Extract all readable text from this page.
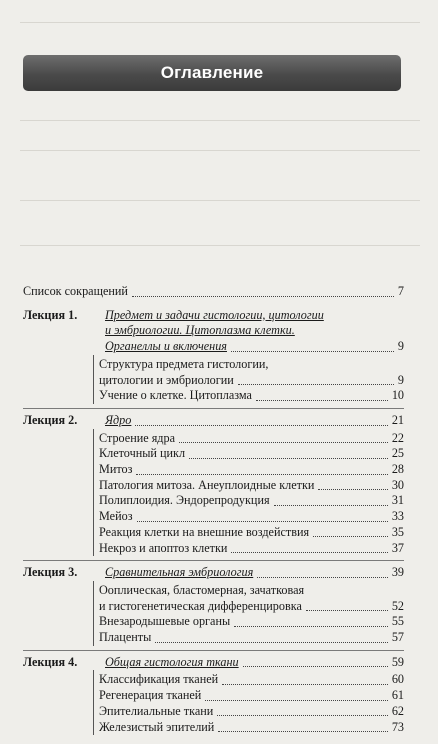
Оглавление
Список сокращений	7
Лекция 1. Предмет и задачи гистологии, цитологии
и эмбриологии. Цитоплазма клетки.
Органеллы и включения	9
Структура предмета гистологии,
цитологии и эмбриологии	9
Учение о клетке. Цитоплазма	10
Лекция 2. Ядро	21
Строение ядра	22
Клеточный цикл	25
Митоз	28
Патология митоза. Анеуплоидные клетки	30
Полиплоидия. Эндорепродукция	31
Мейоз	33
Реакция клетки на внешние воздействия	35
Некроз и апоптоз клетки	37
Лекция 3. Сравнительная эмбриология	39
Ооплическая, бластомерная, зачатковая
и гистогенетическая дифференцировка	52
Внезародышевые органы	55
Плаценты	57
Лекция 4. Общая гистология ткани	59
Классификация тканей	60
Регенерация тканей	61
Эпителиальные ткани	62
Железистый эпителий	73
